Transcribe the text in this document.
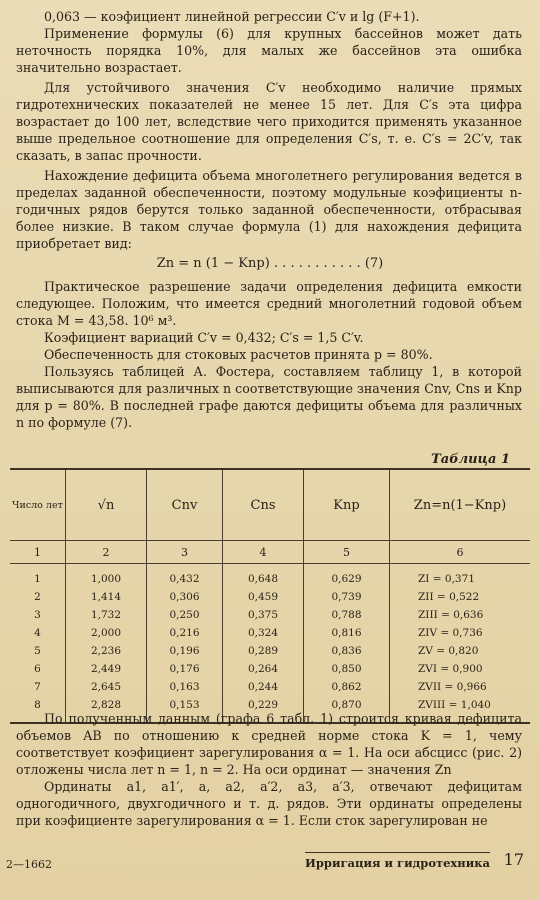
0,063 — коэфициент линейной регрессии C′v и lg (F+1).

Применение формулы (6) для крупных бассейнов может дать неточность порядка 10%, для малых же бассейнов эта ошибка значительно возрастает.

Для устойчивого значения C′v необходимо наличие прямых гидротехнических показателей не менее 15 лет. Для C′s эта цифра возрастает до 100 лет, вследствие чего приходится применять указанное выше предельное соотношение для определения C′s, т. е. C′s = 2C′v, так сказать, в запас прочности.

Нахождение дефицита объема многолетнего регулирования ведется в пределах заданной обеспеченности, поэтому модульные коэфициенты n-годичных рядов берутся только заданной обеспеченности, отбрасывая более низкие. В таком случае формула (1) для нахождения дефицита приобретает вид:

Zn = n (1 − Knp) . . . . . . . . . . . (7)

Практическое разрешение задачи определения дефицита емкости следующее. Положим, что имеется средний многолетний годовой объем стока M = 43,58. 10⁶ м³.

Коэфициент вариаций C′v = 0,432; C′s = 1,5 C′v.

Обеспеченность для стоковых расчетов принята p = 80%.

Пользуясь таблицей А. Фостера, составляем таблицу 1, в которой выписываются для различных n соответствующие значения Cnv, Cns и Knp для p = 80%. В последней графе даются дефициты объема для различных n по формуле (7).

Таблица 1
Число лет	√n	Cnv	Cns	Knp	Zn=n(1−Knp)
1	2	3	4	5	6
1	1,000	0,432	0,648	0,629	ZI = 0,371
2	1,414	0,306	0,459	0,739	ZII = 0,522
3	1,732	0,250	0,375	0,788	ZIII = 0,636
4	2,000	0,216	0,324	0,816	ZIV = 0,736
5	2,236	0,196	0,289	0,836	ZV = 0,820
6	2,449	0,176	0,264	0,850	ZVI = 0,900
7	2,645	0,163	0,244	0,862	ZVII = 0,966
8	2,828	0,153	0,229	0,870	ZVIII = 1,040

По полученным данным (графа 6 табл. 1) строится кривая дефицита объемов AB по отношению к средней норме стока K = 1, чему соответствует коэфициент зарегулирования α = 1. На оси абсцисс (рис. 2) отложены числа лет n = 1, n = 2. На оси ординат — значения Zn

Ординаты a1, a1′, a, a2, a′2, a3, a′3, отвечают дефицитам одногодичного, двухгодичного и т. д. рядов. Эти ординаты определены при коэфициенте зарегулирования α = 1. Если сток зарегулирован не

2—1662	Ирригация и гидротехника 17
